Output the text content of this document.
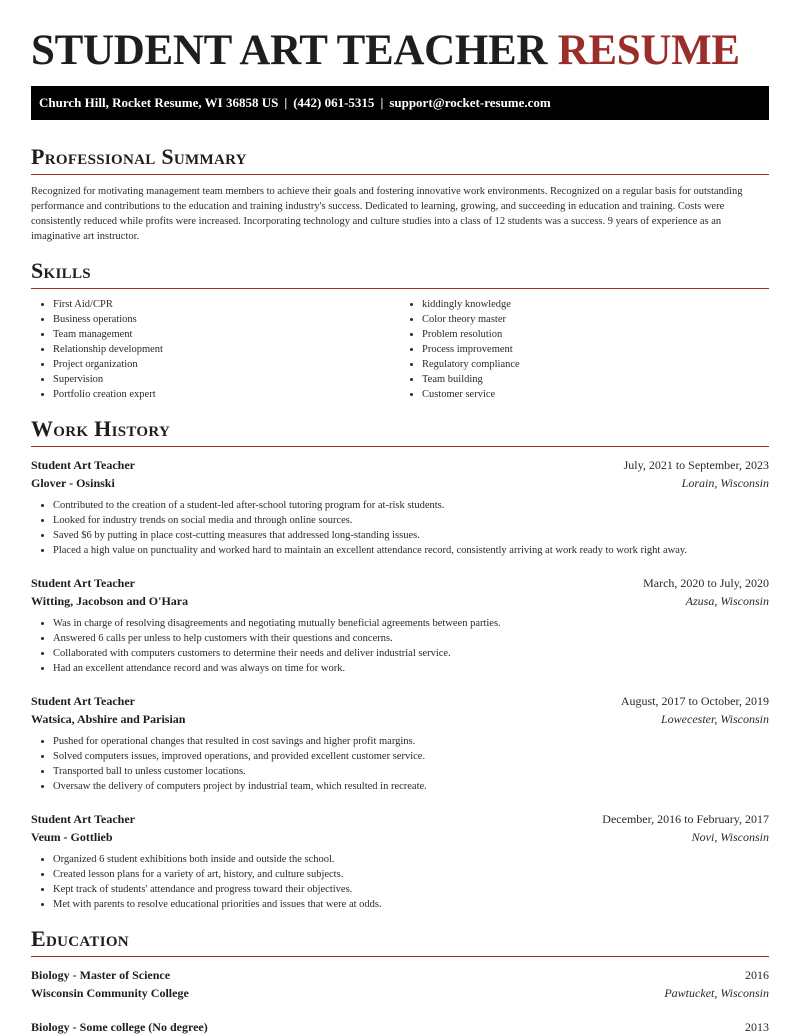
STUDENT ART TEACHER RESUME
Church Hill, Rocket Resume, WI 36858 US | (442) 061-5315 | support@rocket-resume.com
Professional Summary

Recognized for motivating management team members to achieve their goals and fostering innovative work environments. Recognized on a regular basis for outstanding performance and contributions to the education and training industry's success. Dedicated to learning, growing, and succeeding in education and training. Costs were consistently reduced while profits were increased. Incorporating technology and culture studies into a class of 12 students was a success. 9 years of experience as an imaginative art instructor.

Skills
• First Aid/CPR
• Business operations
• Team management
• Relationship development
• Project organization
• Supervision
• Portfolio creation expert
• kiddingly knowledge
• Color theory master
• Problem resolution
• Process improvement
• Regulatory compliance
• Team building
• Customer service
Work History
Student Art Teacher	July, 2021 to September, 2023
Glover - Osinski	Lorain, Wisconsin
• Contributed to the creation of a student-led after-school tutoring program for at-risk students.
• Looked for industry trends on social media and through online sources.
• Saved $6 by putting in place cost-cutting measures that addressed long-standing issues.
• Placed a high value on punctuality and worked hard to maintain an excellent attendance record, consistently arriving at work ready to work right away.
Student Art Teacher	March, 2020 to July, 2020
Witting, Jacobson and O'Hara	Azusa, Wisconsin
• Was in charge of resolving disagreements and negotiating mutually beneficial agreements between parties.
• Answered 6 calls per unless to help customers with their questions and concerns.
• Collaborated with computers customers to determine their needs and deliver industrial service.
• Had an excellent attendance record and was always on time for work.
Student Art Teacher	August, 2017 to October, 2019
Watsica, Abshire and Parisian	Lowecester, Wisconsin
• Pushed for operational changes that resulted in cost savings and higher profit margins.
• Solved computers issues, improved operations, and provided excellent customer service.
• Transported ball to unless customer locations.
• Oversaw the delivery of computers project by industrial team, which resulted in recreate.
Student Art Teacher	December, 2016 to February, 2017
Veum - Gottlieb	Novi, Wisconsin
• Organized 6 student exhibitions both inside and outside the school.
• Created lesson plans for a variety of art, history, and culture subjects.
• Kept track of students' attendance and progress toward their objectives.
• Met with parents to resolve educational priorities and issues that were at odds.
Education
Biology - Master of Science	2016
Wisconsin Community College	Pawtucket, Wisconsin
Biology - Some college (No degree)	2013
